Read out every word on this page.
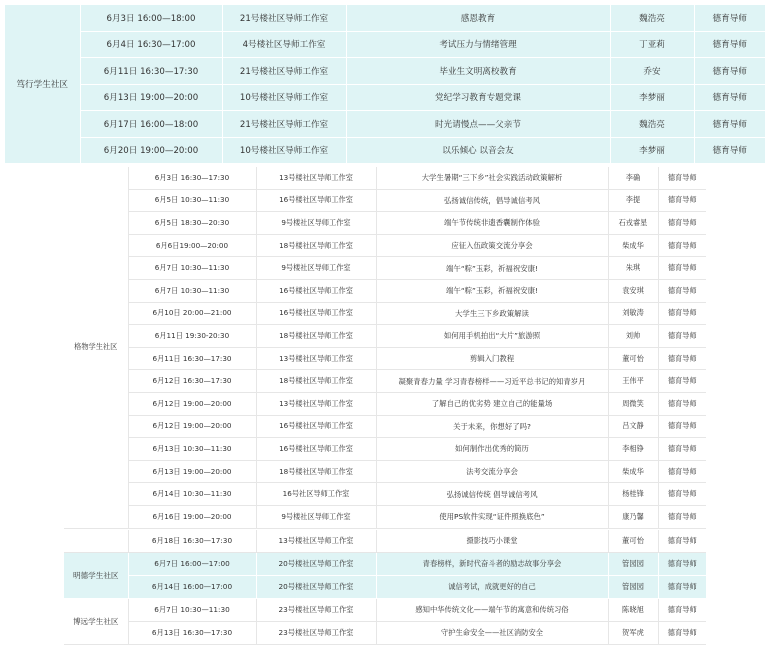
笃行学生社区	6月3日 16:00—18:00	21号楼社区导师工作室	感恩教育	魏浩亮	德育导师
	6月4日 16:30—17:00	4号楼社区导师工作室	考试压力与情绪管理	丁亚莉	德育导师
	6月11日 16:30—17:30	21号楼社区导师工作室	毕业生文明离校教育	乔安	德育导师
	6月13日 19:00—20:00	10号楼社区导师工作室	党纪学习教育专题党课	李梦丽	德育导师
	6月17日 16:00—18:00	21号楼社区导师工作室	时光请慢点——父亲节	魏浩亮	德育导师
	6月20日 19:00—20:00	10号楼社区导师工作室	以乐倾心 以音会友	李梦丽	德育导师
格物学生社区	6月3日 16:30—17:30	13号楼社区导师工作室	大学生暑期“三下乡”社会实践活动政策解析	李确	德育导师
	6月5日 10:30—11:30	16号楼社区导师工作室	弘扬诚信传统，倡导诚信考风	李提	德育导师
	6月5日 18:30—20:30	9号楼社区导师工作室	端午节传统非遗香囊制作体验	石戎睿星	德育导师
	6月6日19:00—20:00	18号楼社区导师工作室	应征入伍政策交流分享会	柴成华	德育导师
	6月7日 10:30—11:30	9号楼社区导师工作室	端午“粽”玉彩，祈福祝安康!	朱琪	德育导师
	6月7日 10:30—11:30	16号楼社区导师工作室	端午“粽”玉彩，祈福祝安康!	袁安琪	德育导师
	6月10日 20:00—21:00	16号楼社区导师工作室	大学生三下乡政策解读	刘敏涛	德育导师
	6月11日 19:30-20:30	18号楼社区导师工作室	如何用手机拍出“大片”旅游照	刘帅	德育导师
	6月11日 16:30—17:30	13号楼社区导师工作室	剪辑入门教程	董可怡	德育导师
	6月12日 16:30—17:30	18号楼社区导师工作室	凝聚青春力量 学习青春榜样——习近平总书记的知青岁月	王伟平	德育导师
	6月12日 19:00—20:00	13号楼社区导师工作室	了解自己的优劣势 建立自己的能量场	周微笑	德育导师
	6月12日 19:00—20:00	16号楼社区导师工作室	关于未来，你想好了吗?	吕文静	德育导师
	6月13日 10:30—11:30	16号楼社区导师工作室	如何制作出优秀的简历	李相铮	德育导师
	6月13日 19:00—20:00	18号楼社区导师工作室	法考交流分享会	柴成华	德育导师
	6月14日 10:30—11:30	16号社区导师工作室	弘扬诚信传统 倡导诚信考风	杨桂锋	德育导师
	6月16日 19:00—20:00	9号楼社区导师工作室	使用PS软件实现“证件照换底色”	康乃馨	德育导师
	6月18日 16:30—17:30	13号楼社区导师工作室	摄影技巧小课堂	董可怡	德育导师
明德学生社区	6月7日 16:00—17:00	20号楼社区导师工作室	青春榜样，新时代奋斗者的励志故事分享会	管园园	德育导师
	6月14日 16:00—17:00	20号楼社区导师工作室	诚信考试，成就更好的自己	管园园	德育导师
博远学生社区	6月7日 10:30—11:30	23号楼社区导师工作室	感知中华传统文化——端午节的寓意和传统习俗	陈晓旭	德育导师
	6月13日 16:30—17:30	23号楼社区导师工作室	守护生命安全——社区消防安全	贺军虎	德育导师
